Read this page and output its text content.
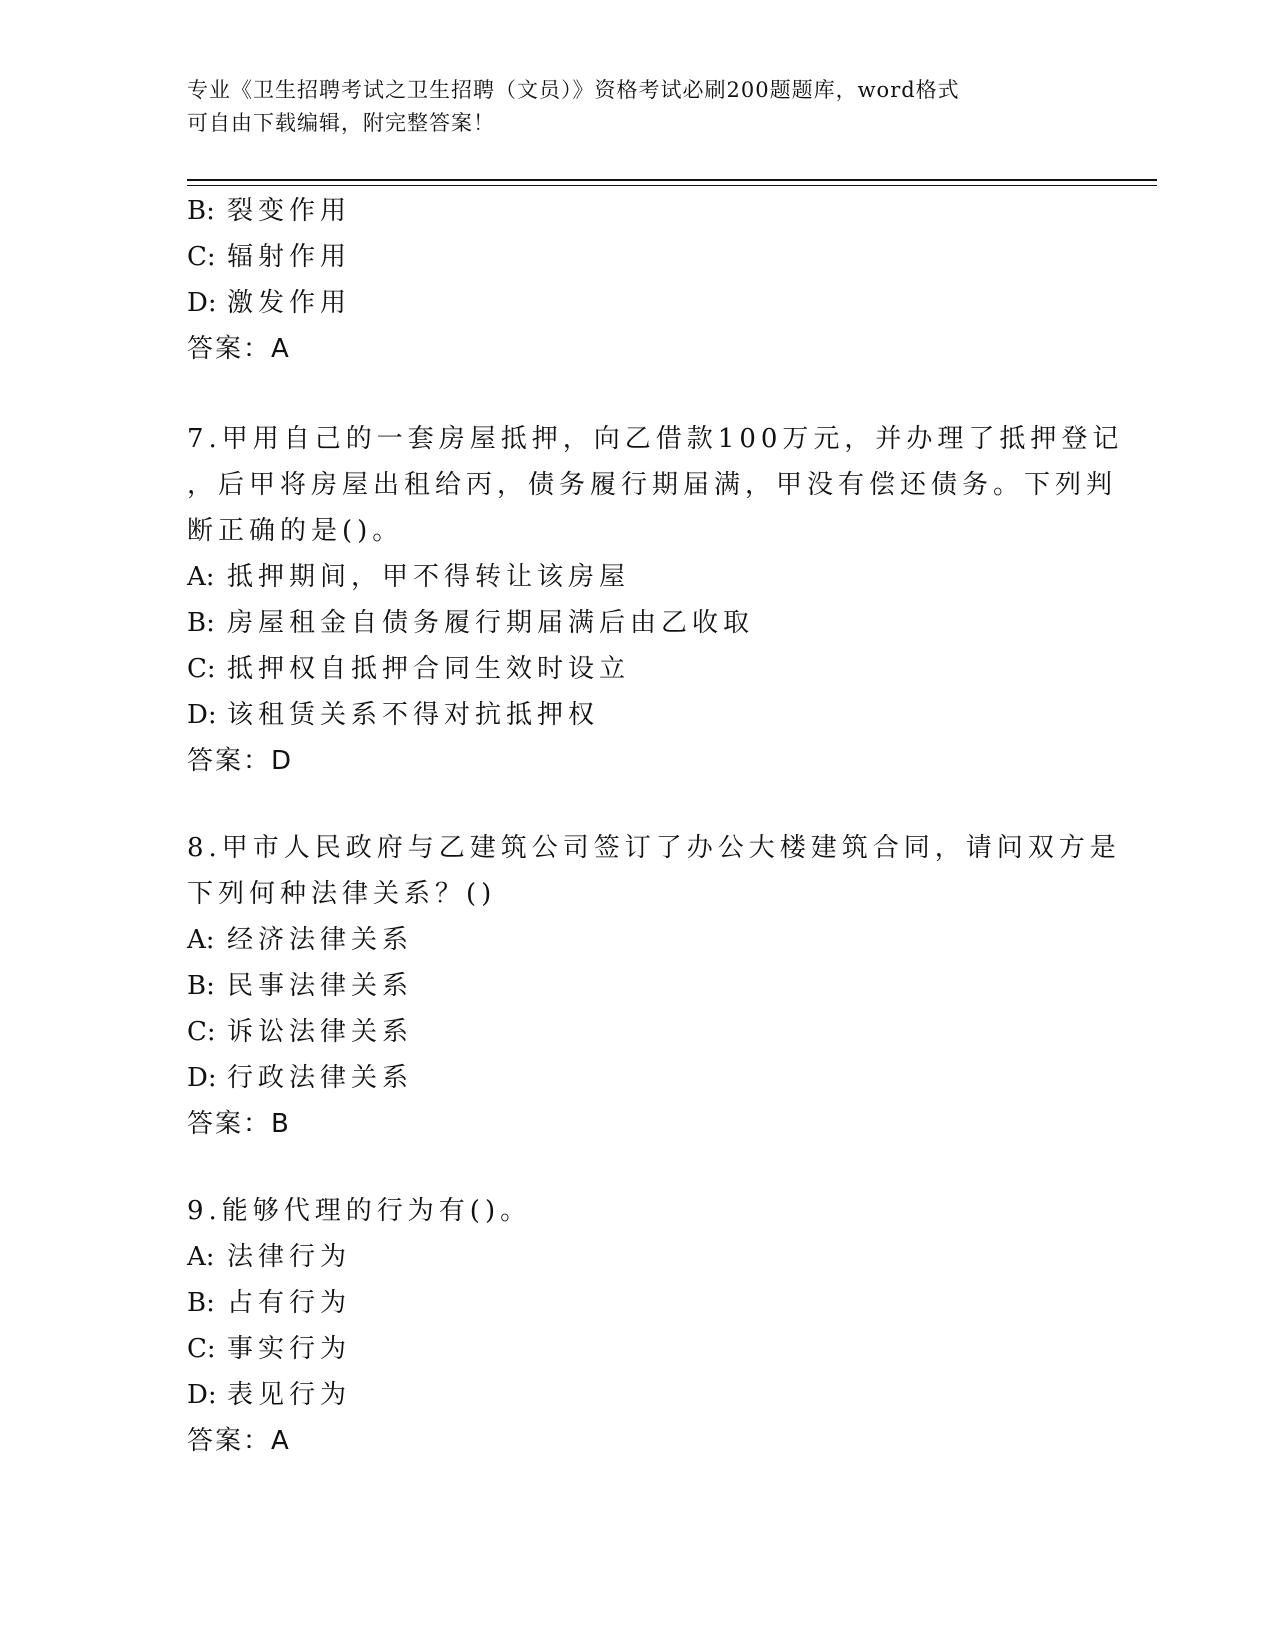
专业《卫生招聘考试之卫生招聘（文员）》资格考试必刷200题题库，word格式
可自由下载编辑，附完整答案！
B: 裂变作用
C: 辐射作用
D: 激发作用
答案：A
7.甲用自己的一套房屋抵押，向乙借款100万元，并办理了抵押登记
，后甲将房屋出租给丙，债务履行期届满，甲没有偿还债务。下列判
断正确的是()。
A: 抵押期间，甲不得转让该房屋
B: 房屋租金自债务履行期届满后由乙收取
C: 抵押权自抵押合同生效时设立
D: 该租赁关系不得对抗抵押权
答案：D
8.甲市人民政府与乙建筑公司签订了办公大楼建筑合同，请问双方是
下列何种法律关系？()
A: 经济法律关系
B: 民事法律关系
C: 诉讼法律关系
D: 行政法律关系
答案：B
9.能够代理的行为有()。
A: 法律行为
B: 占有行为
C: 事实行为
D: 表见行为
答案：A
